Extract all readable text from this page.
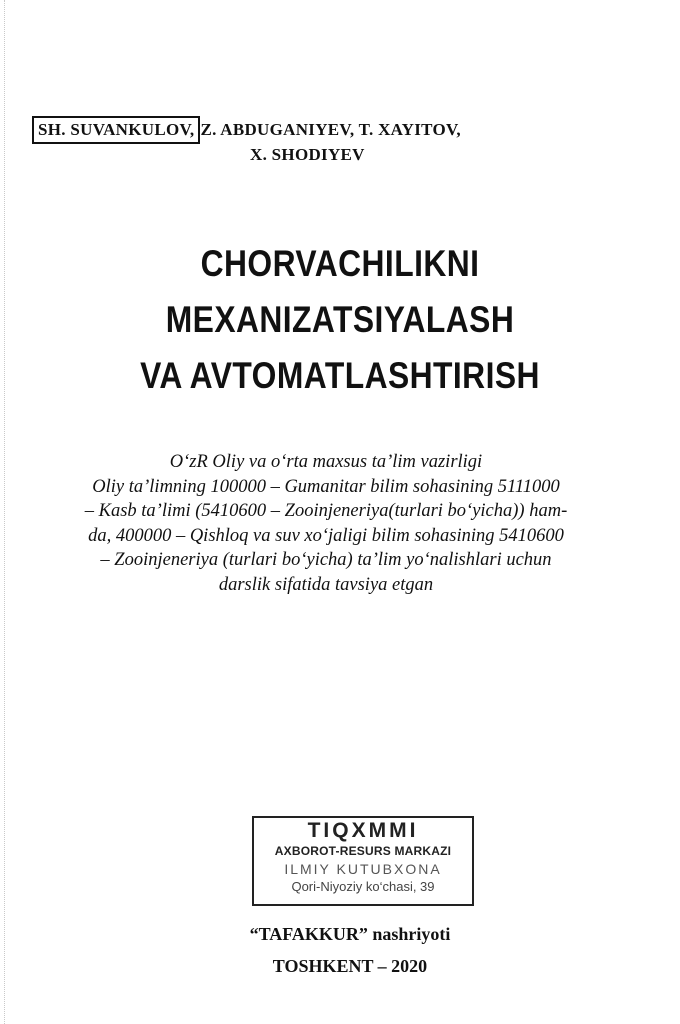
SH. SUVANKULOV, Z. ABDUGANIYEV, T. XAYITOV,
X. SHODIYEV
CHORVACHILIKNI
MEXANIZATSIYALASH
VA AVTOMATLASHTIRISH
O‘zR Oliy va o‘rta maxsus ta’lim vazirligi
Oliy ta’limning 100000 – Gumanitar bilim sohasining 5111000
– Kasb ta’limi (5410600 – Zooinjeneriya(turlari bo‘yicha)) ham-
da, 400000 – Qishloq va suv xo‘jaligi bilim sohasining 5410600
– Zooinjeneriya (turlari bo‘yicha) ta’lim yo‘nalishlari uchun
darslik sifatida tavsiya etgan
TIQXMMI
AXBOROT-RESURS MARKAZI
ILMIY KUTUBXONA
Qori-Niyoziy ko‘chasi, 39
“TAFAKKUR” nashriyoti
TOSHKENT – 2020
